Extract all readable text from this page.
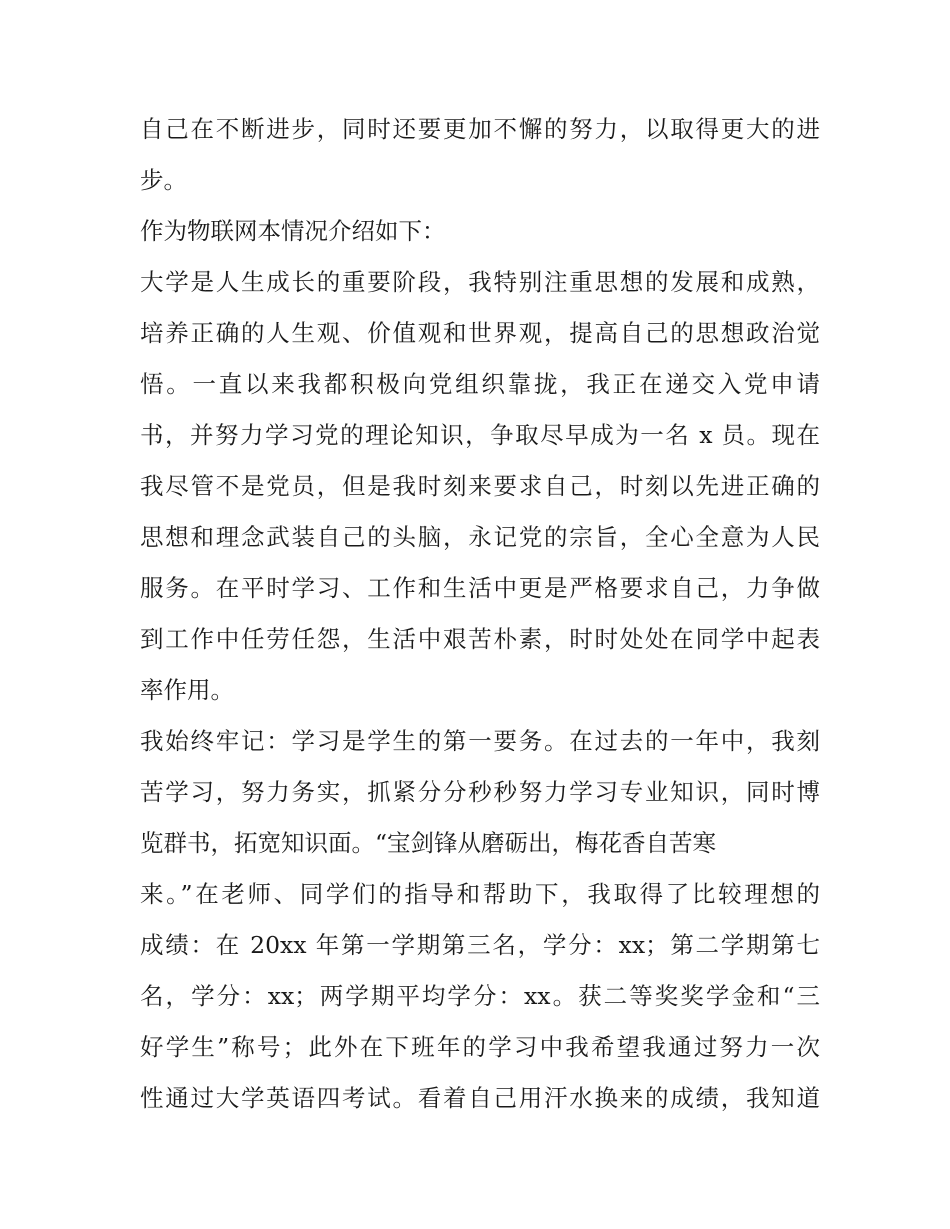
自己在不断进步，同时还要更加不懈的努力，以取得更大的进
步。
作为物联网本情况介绍如下：
大学是人生成长的重要阶段，我特别注重思想的发展和成熟，
培养正确的人生观、价值观和世界观，提高自己的思想政治觉
悟。一直以来我都积极向党组织靠拢，我正在递交入党申请
书，并努力学习党的理论知识，争取尽早成为一名 x 员。现在
我尽管不是党员，但是我时刻来要求自己，时刻以先进正确的
思想和理念武装自己的头脑，永记党的宗旨，全心全意为人民
服务。在平时学习、工作和生活中更是严格要求自己，力争做
到工作中任劳任怨，生活中艰苦朴素，时时处处在同学中起表
率作用。
我始终牢记：学习是学生的第一要务。在过去的一年中，我刻
苦学习，努力务实，抓紧分分秒秒努力学习专业知识，同时博
览群书，拓宽知识面。“宝剑锋从磨砺出，梅花香自苦寒
来。”在老师、同学们的指导和帮助下，我取得了比较理想的
成绩：在 20xx 年第一学期第三名，学分：xx；第二学期第七
名，学分：xx；两学期平均学分：xx。获二等奖奖学金和“三
好学生”称号；此外在下班年的学习中我希望我通过努力一次
性通过大学英语四考试。看着自己用汗水换来的成绩，我知道
